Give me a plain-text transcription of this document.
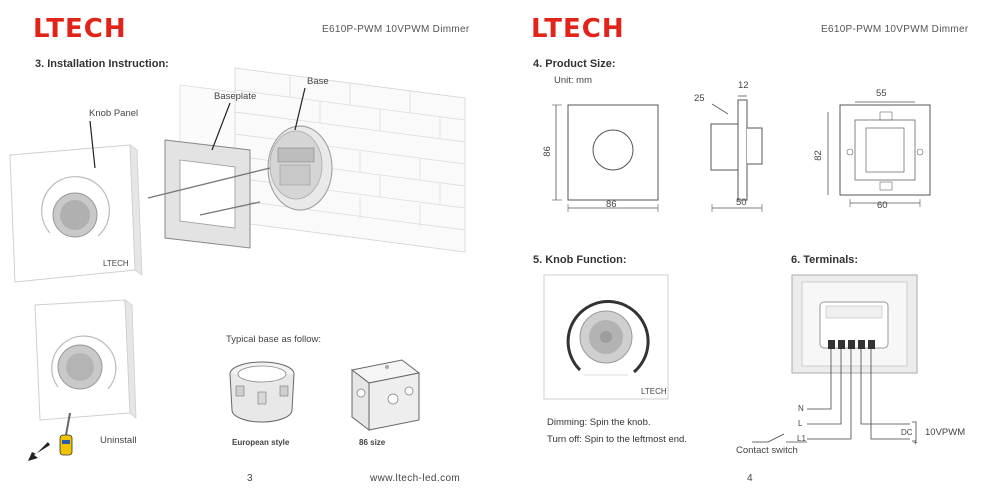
LTECH	E610P-PWM 10VPWM Dimmer
3. Installation Instruction:
Knob Panel
Baseplate
Base
LTECH
Uninstall
Typical base as follow:
European style	86 size
3	www.ltech-led.com
LTECH	E610P-PWM 10VPWM Dimmer
4. Product Size:
Unit: mm
86
86
25
12
50
55
82
60
5. Knob Function:
LTECH
Dimming: Spin the knob.
Turn off: Spin to the leftmost end.
6. Terminals:
N
L
L1
DC
+
10VPWM
Contact switch
4
